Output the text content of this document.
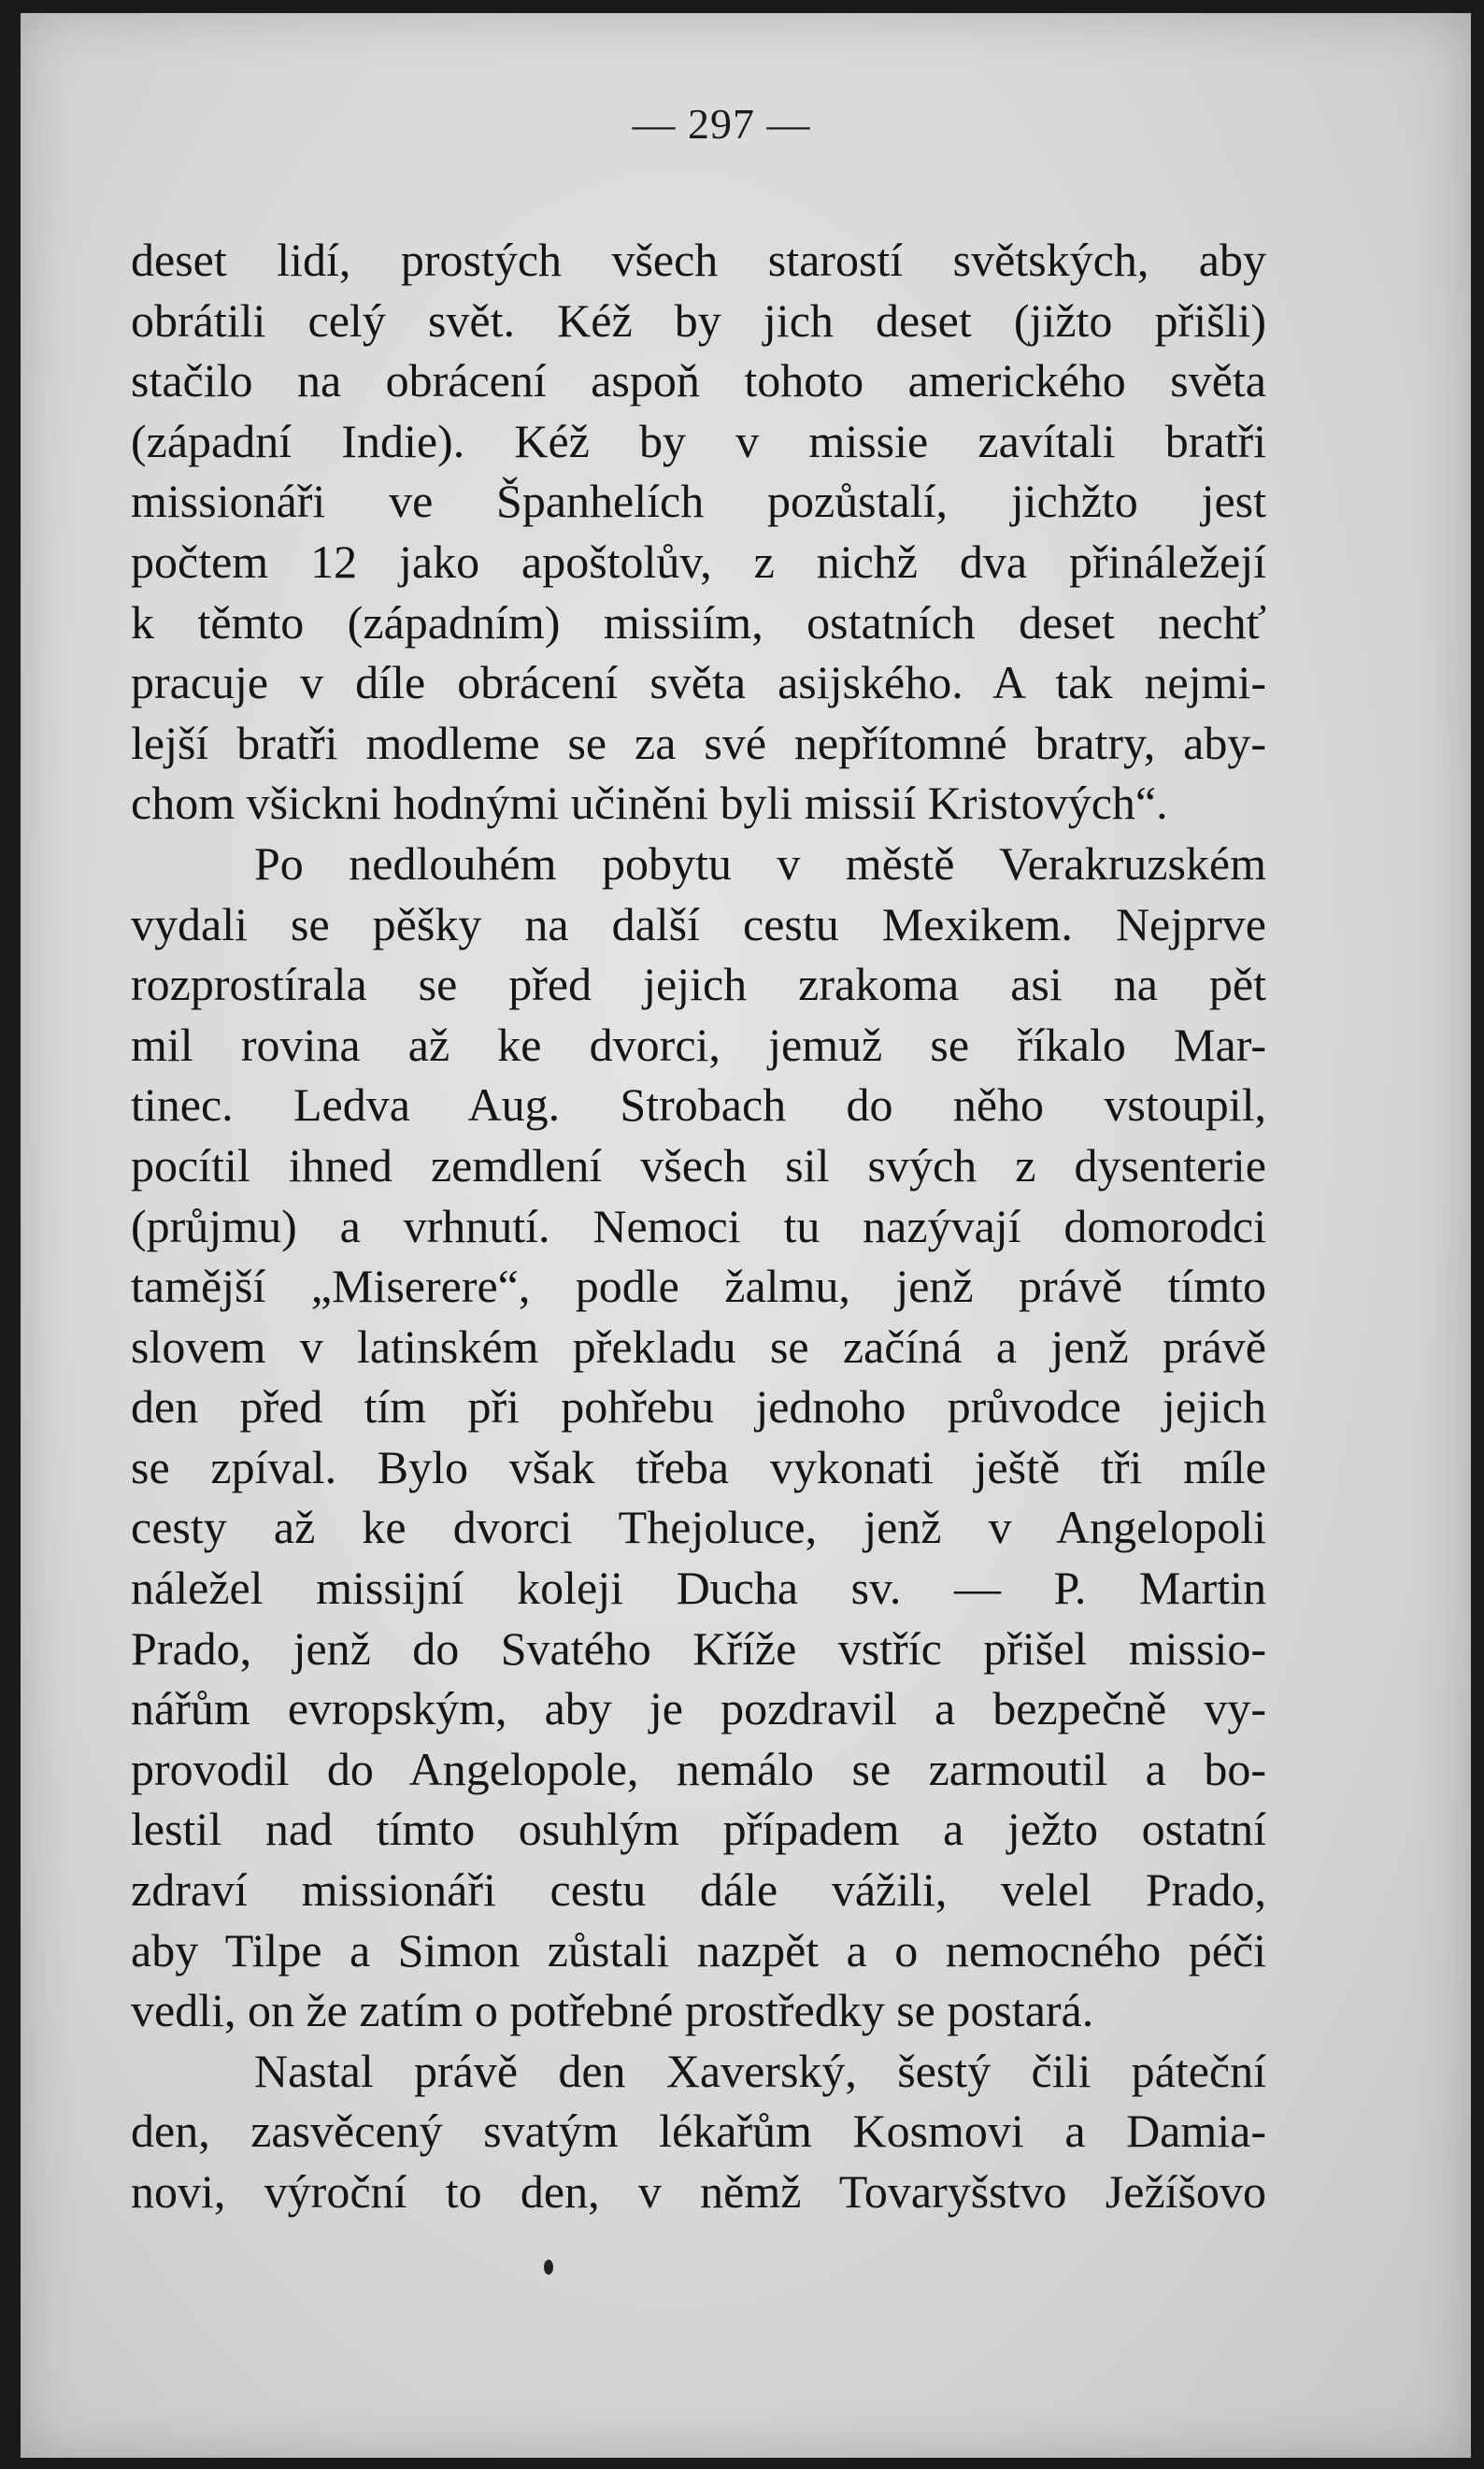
— 297 —
deset lidí, prostých všech starostí světských, aby
obrátili celý svět. Kéž by jich deset (jižto přišli)
stačilo na obrácení aspoň tohoto amerického světa
(západní Indie). Kéž by v missie zavítali bratři
missionáři ve Španhelích pozůstalí, jichžto jest
počtem 12 jako apoštolův, z nichž dva přináležejí
k těmto (západním) missiím, ostatních deset nechť
pracuje v díle obrácení světa asijského. A tak nejmi-
lejší bratři modleme se za své nepřítomné bratry, aby-
chom všickni hodnými učiněni byli missií Kristových“.
Po nedlouhém pobytu v městě Verakruzském
vydali se pěšky na další cestu Mexikem. Nejprve
rozprostírala se před jejich zrakoma asi na pět
mil rovina až ke dvorci, jemuž se říkalo Mar-
tinec. Ledva Aug. Strobach do něho vstoupil,
pocítil ihned zemdlení všech sil svých z dysenterie
(průjmu) a vrhnutí. Nemoci tu nazývají domorodci
tamější „Miserere“, podle žalmu, jenž právě tímto
slovem v latinském překladu se začíná a jenž právě
den před tím při pohřebu jednoho průvodce jejich
se zpíval. Bylo však třeba vykonati ještě tři míle
cesty až ke dvorci Thejoluce, jenž v Angelopoli
náležel missijní koleji Ducha sv. — P. Martin
Prado, jenž do Svatého Kříže vstříc přišel missio-
nářům evropským, aby je pozdravil a bezpečně vy-
provodil do Angelopole, nemálo se zarmoutil a bo-
lestil nad tímto osuhlým případem a ježto ostatní
zdraví missionáři cestu dále vážili, velel Prado,
aby Tilpe a Simon zůstali nazpět a o nemocného péči
vedli, on že zatím o potřebné prostředky se postará.
Nastal právě den Xaverský, šestý čili páteční
den, zasvěcený svatým lékařům Kosmovi a Damia-
novi, výroční to den, v němž Tovaryšstvo Ježíšovo
